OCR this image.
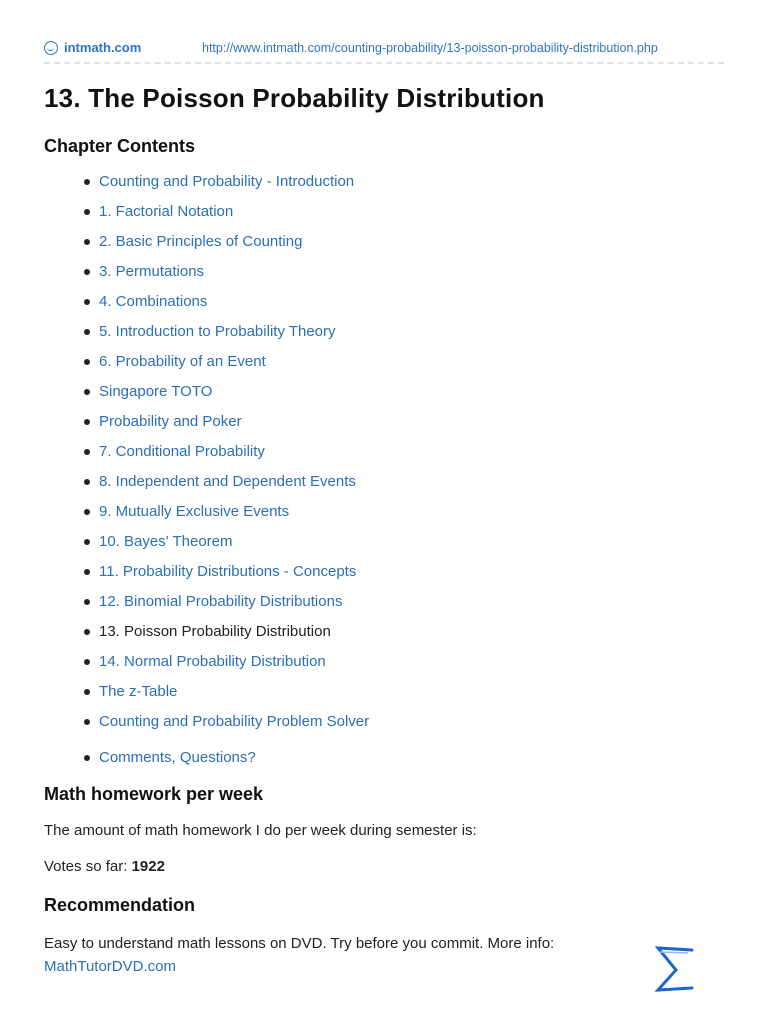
intmath.com	http://www.intmath.com/counting-probability/13-poisson-probability-distribution.php
13. The Poisson Probability Distribution
Chapter Contents
Counting and Probability - Introduction
1. Factorial Notation
2. Basic Principles of Counting
3. Permutations
4. Combinations
5. Introduction to Probability Theory
6. Probability of an Event
Singapore TOTO
Probability and Poker
7. Conditional Probability
8. Independent and Dependent Events
9. Mutually Exclusive Events
10. Bayes' Theorem
11. Probability Distributions - Concepts
12. Binomial Probability Distributions
13. Poisson Probability Distribution
14. Normal Probability Distribution
The z-Table
Counting and Probability Problem Solver
Comments, Questions?
Math homework per week

The amount of math homework I do per week during semester is:

Votes so far: 1922

Recommendation

Easy to understand math lessons on DVD. Try before you commit. More info:
MathTutorDVD.com
